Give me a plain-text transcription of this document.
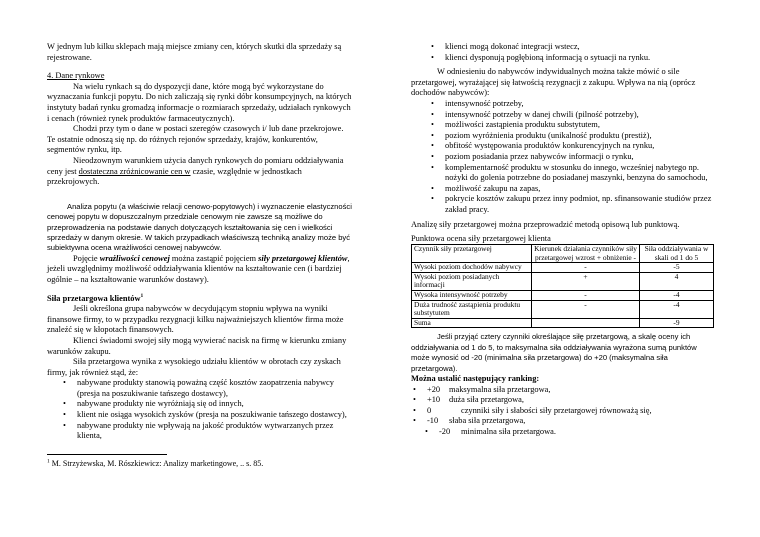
W jednym lub kilku sklepach mają miejsce zmiany cen, których skutki dla sprzedaży są rejestrowane.

4. Dane rynkowe

Na wielu rynkach są do dyspozycji dane, które mogą być wykorzystane do wyznaczania funkcji popytu. Do nich zaliczają się rynki dóbr konsumpcyjnych, na których instytuty badań rynku gromadzą informacje o rozmiarach sprzedaży, udziałach rynkowych i cenach (również rynek produktów farmaceutycznych).

Chodzi przy tym o dane w postaci szeregów czasowych i/ lub dane przekrojowe. Te ostatnie odnoszą się np. do różnych rejonów sprzedaży, krajów, konkurentów, segmentów rynku, itp.

Nieodzownym warunkiem użycia danych rynkowych do pomiaru oddziaływania ceny jest dostateczna zróżnicowanie cen w czasie, względnie w jednostkach przekrojowych.

Analiza popytu (a właściwie relacji cenowo-popytowych) i wyznaczenie elastyczności cenowej popytu w dopuszczalnym przedziale cenowym nie zawsze są możliwe do przeprowadzenia na podstawie danych dotyczących kształtowania się cen i wielkości sprzedaży w danym okresie. W takich przypadkach właściwszą techniką analizy może być subiektywna ocena wrażliwości cenowej nabywców.

Pojęcie wrażliwości cenowej można zastąpić pojęciem siły przetargowej klientów, jeżeli uwzględnimy możliwość oddziaływania klientów na kształtowanie cen (i bardziej ogólnie – na kształtowanie warunków dostawy).

Siła przetargowa klientów$^1$

Jeśli określona grupa nabywców w decydującym stopniu wpływa na wyniki finansowe firmy, to w przypadku rezygnacji kilku najważniejszych klientów firma może znaleźć się w kłopotach finansowych.

Klienci świadomi swojej siły mogą wywierać nacisk na firmę w kierunku zmiany warunków zakupu.

Siła przetargowa wynika z wysokiego udziału klientów w obrotach czy zyskach firmy, jak również stąd, że:

• nabywane produkty stanowią poważną część kosztów zaopatrzenia nabywcy (presja na poszukiwanie tańszego dostawcy),
• nabywane produkty nie wyróżniają się od innych,
• klient nie osiąga wysokich zysków (presja na poszukiwanie tańszego dostawcy),
• nabywane produkty nie wpływają na jakość produktów wytwarzanych przez klienta,

$^1$ M. Strzyżewska, M. Rószkiewicz: Analizy marketingowe, .. s. 85.

• klienci mogą dokonać integracji wstecz,
• klienci dysponują pogłębioną informacją o sytuacji na rynku.

W odniesieniu do nabywców indywidualnych można także mówić o sile przetargowej, wyrażającej się łatwością rezygnacji z zakupu. Wpływa na nią (oprócz dochodów nabywców):

• intensywność potrzeby,
• intensywność potrzeby w danej chwili (pilność potrzeby),
• możliwości zastąpienia produktu substytutem,
• poziom wyróżnienia produktu (unikalność produktu (prestiż),
• obfitość występowania produktów konkurencyjnych na rynku,
• poziom posiadania przez nabywców informacji o rynku,
• komplementarność produktu w stosunku do innego, wcześniej nabytego np. nożyki do golenia potrzebne do posiadanej maszynki, benzyna do samochodu,
• możliwość zakupu na zapas,
• pokrycie kosztów zakupu przez inny podmiot, np. sfinansowanie studiów przez zakład pracy.

Analizę siły przetargowej można przeprowadzić metodą opisową lub punktową.

Punktowa ocena siły przetargowej klienta

Czynnik siły przetargowej	Kierunek działania czynników siły przetargowej wzrost + obniżenie -	Siła oddziaływania w skali od 1 do 5
Wysoki poziom dochodów nabywcy	-	-5
Wysoki poziom posiadanych informacji	+	4
Wysoka intensywność potrzeby	-	-4
Duża trudność zastąpienia produktu substytutem	-	-4
Suma		-9

Jeśli przyjąć cztery czynniki określające siłę przetargową, a skalę oceny ich oddziaływania od 1 do 5, to maksymalna siła oddziaływania wyrażona sumą punktów może wynosić od -20 (minimalna siła przetargowa) do +20 (maksymalna siła przetargowa).

Można ustalić następujący ranking:

• +20 maksymalna siła przetargowa,
• +10 duża siła przetargowa,
• 0	czynniki siły i słabości siły przetargowej równoważą się,
• -10 słaba siła przetargowa,
• -20 minimalna siła przetargowa.
